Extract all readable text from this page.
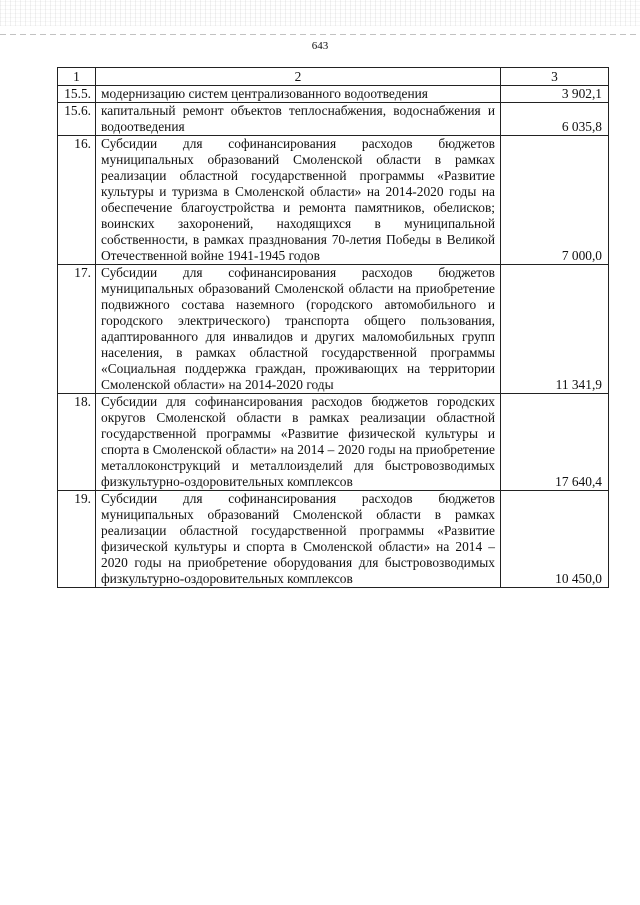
643
1	2	3
15.5.	модернизацию систем централизованного водоотведения	3 902,1
15.6.	капитальный ремонт объектов теплоснабжения, водоснабжения и водоотведения	6 035,8
16.	Субсидии для софинансирования расходов бюджетов муниципальных образований Смоленской области в рамках реализации областной государственной программы «Развитие культуры и туризма в Смоленской области» на 2014-2020 годы на обеспечение благоустройства и ремонта памятников, обелисков; воинских захоронений, находящихся в муниципальной собственности, в рамках празднования 70-летия Победы в Великой Отечественной войне 1941-1945 годов	7 000,0
17.	Субсидии для софинансирования расходов бюджетов муниципальных образований Смоленской области на приобретение подвижного состава наземного (городского автомобильного и городского электрического) транспорта общего пользования, адаптированного для инвалидов и других маломобильных групп населения, в рамках областной государственной программы «Социальная поддержка граждан, проживающих на территории Смоленской области» на 2014-2020 годы	11 341,9
18.	Субсидии для софинансирования расходов бюджетов городских округов Смоленской области в рамках реализации областной государственной программы «Развитие физической культуры и спорта в Смоленской области» на 2014 – 2020 годы на приобретение металлоконструкций и металлоизделий для быстровозводимых физкультурно-оздоровительных комплексов	17 640,4
19.	Субсидии для софинансирования расходов бюджетов муниципальных образований Смоленской области в рамках реализации областной государственной программы «Развитие физической культуры и спорта в Смоленской области» на 2014 – 2020 годы на приобретение оборудования для быстровозводимых физкультурно-оздоровительных комплексов	10 450,0
